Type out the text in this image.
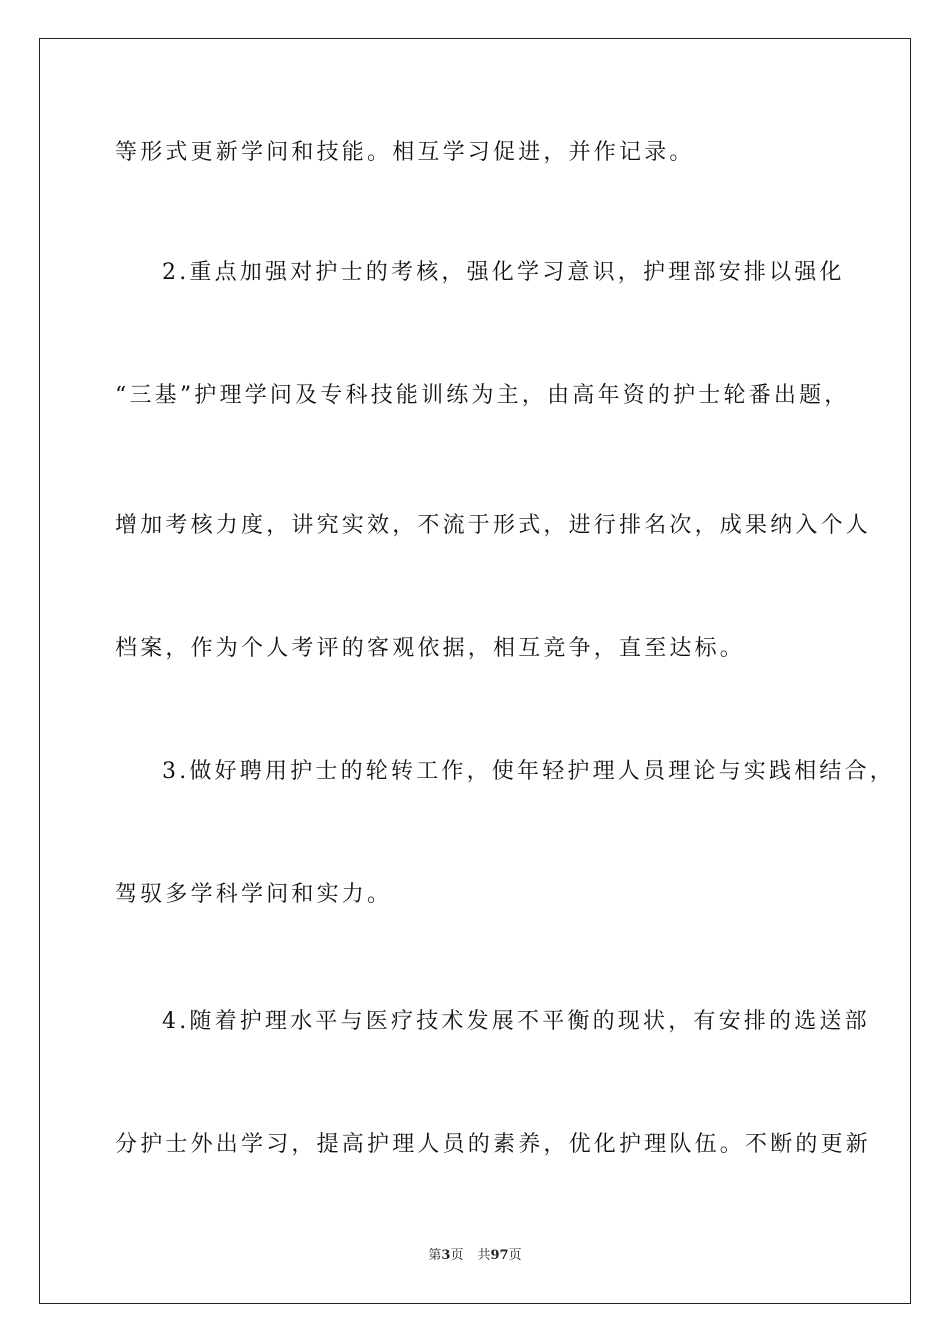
等形式更新学问和技能。相互学习促进，并作记录。
2.重点加强对护士的考核，强化学习意识，护理部安排以强化
“三基”护理学问及专科技能训练为主，由高年资的护士轮番出题，
增加考核力度，讲究实效，不流于形式，进行排名次，成果纳入个人
档案，作为个人考评的客观依据，相互竞争，直至达标。
3.做好聘用护士的轮转工作，使年轻护理人员理论与实践相结合，
驾驭多学科学问和实力。
4.随着护理水平与医疗技术发展不平衡的现状，有安排的选送部
分护士外出学习，提高护理人员的素养，优化护理队伍。不断的更新
第3页 共97页
